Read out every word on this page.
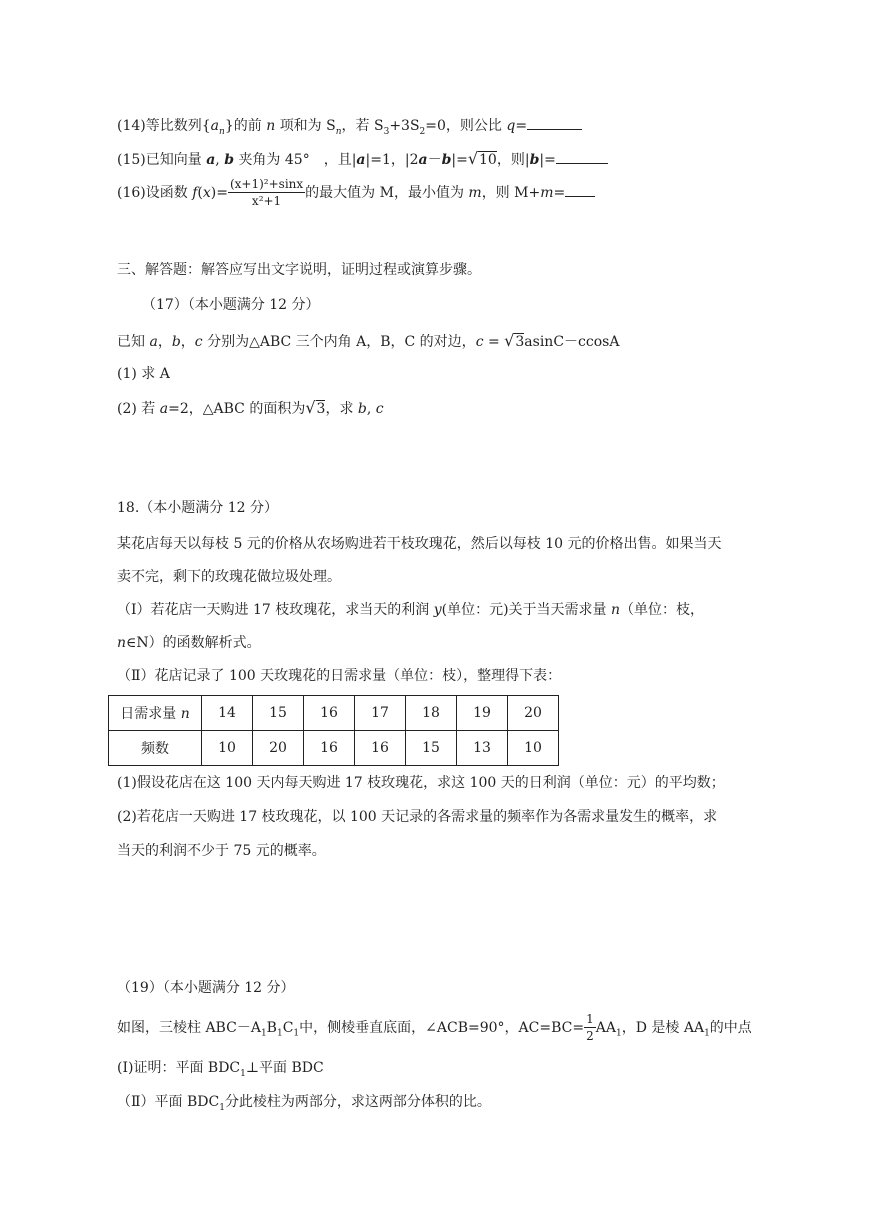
(14)等比数列$\{a_n\}$的前 n 项和为 $S_n$，若 $S_3+3S_2=0$，则公比 q=
(15)已知向量 a, b 夹角为 45°　，且|a|=1，|2a－b|=√10，则|b|=
(16)设函数 $f(x)= \frac{\text{(x+1)²+sinx}}{\text{x²+1}}$ 的最大值为 M，最小值为 m，则 M+m=
三、解答题：解答应写出文字说明，证明过程或演算步骤。
（17）（本小题满分 12 分）
已知 a，b，c 分别为△ABC 三个内角 A，B，C 的对边，c = √3asinC－ccosA
(1) 求 A
(2) 若 a=2，△ABC 的面积为√3，求 b, c
18.（本小题满分 12 分）
某花店每天以每枝 5 元的价格从农场购进若干枝玫瑰花，然后以每枝 10 元的价格出售。如果当天
卖不完，剩下的玫瑰花做垃圾处理。
（Ⅰ）若花店一天购进 17 枝玫瑰花，求当天的利润 y(单位：元)关于当天需求量 n（单位：枝，
n∈N）的函数解析式。
（Ⅱ）花店记录了 100 天玫瑰花的日需求量（单位：枝），整理得下表：
日需求量 n	14	15	16	17	18	19	20
频数	10	20	16	16	15	13	10
(1)假设花店在这 100 天内每天购进 17 枝玫瑰花，求这 100 天的日利润（单位：元）的平均数；
(2)若花店一天购进 17 枝玫瑰花，以 100 天记录的各需求量的频率作为各需求量发生的概率，求
当天的利润不少于 75 元的概率。
（19）（本小题满分 12 分）
如图，三棱柱 $ABC-A_1B_1C_1$中，侧棱垂直底面，∠ACB=90°，$AC=BC= \frac{1}{2} AA_1$，D 是棱 $AA_1$的中点
(Ⅰ)证明：平面 $BDC_1\perp$平面 BDC
（Ⅱ）平面 $BDC_1$分此棱柱为两部分，求这两部分体积的比。
